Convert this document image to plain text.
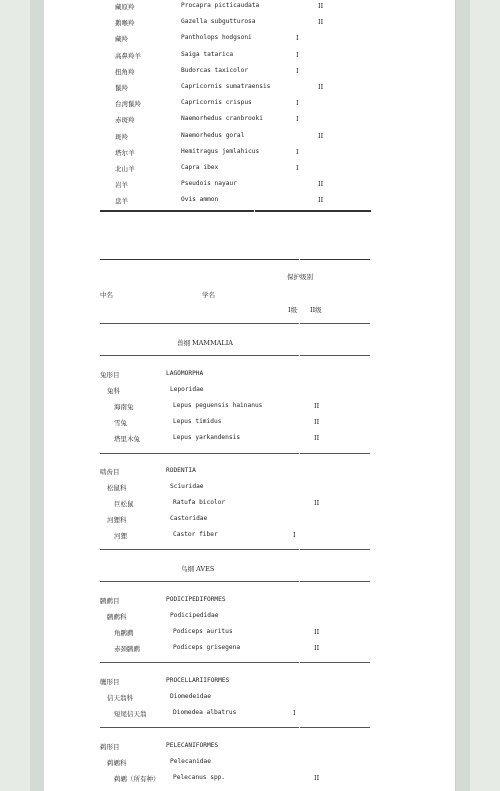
藏原羚	Procapra picticaudata	II
鹅喉羚	Gazella subgutturosa	II
藏羚	Pantholops hodgsoni	I
高鼻羚羊	Saiga tatarica	I
扭角羚	Budorcas taxicolor	I
鬣羚	Capricornis sumatraensis	II
台湾鬣羚	Capricornis crispus	I
赤斑羚	Naemorhedus cranbrooki	I
斑羚	Naemorhedus goral	II
塔尔羊	Hemitragus jemlahicus	I
北山羊	Capra ibex	I
岩羊	Pseudois nayaur	II
盘羊	Ovis ammon	II
保护级别
中名	学名
I级 II级
兽纲 MAMMALIA
兔形目	LAGOMORPHA
兔科	Leporidae
海南兔	Lepus peguensis hainanus	II
雪兔	Lepus timidus	II
塔里木兔	Lepus yarkandensis	II
啮齿目	RODENTIA
松鼠科	Sciuridae
巨松鼠	Ratufa bicolor	II
河狸科	Castoridae
河狸	Castor fiber	I
鸟纲 AVES
䴙䴘目	PODICIPEDIFORMES
䴙䴘科	Podicipedidae
角䴙䴘	Podiceps auritus	II
赤颈䴙䴘	Podiceps grisegena	II
鹱形目	PROCELLARIIFORMES
信天翁科	Diomedeidae
短尾信天翁	Diomedea albatrus	I
鹈形目	PELECANIFORMES
鹈鹕科	Pelecanidae
鹈鹕（所有种） Pelecanus spp.	II
